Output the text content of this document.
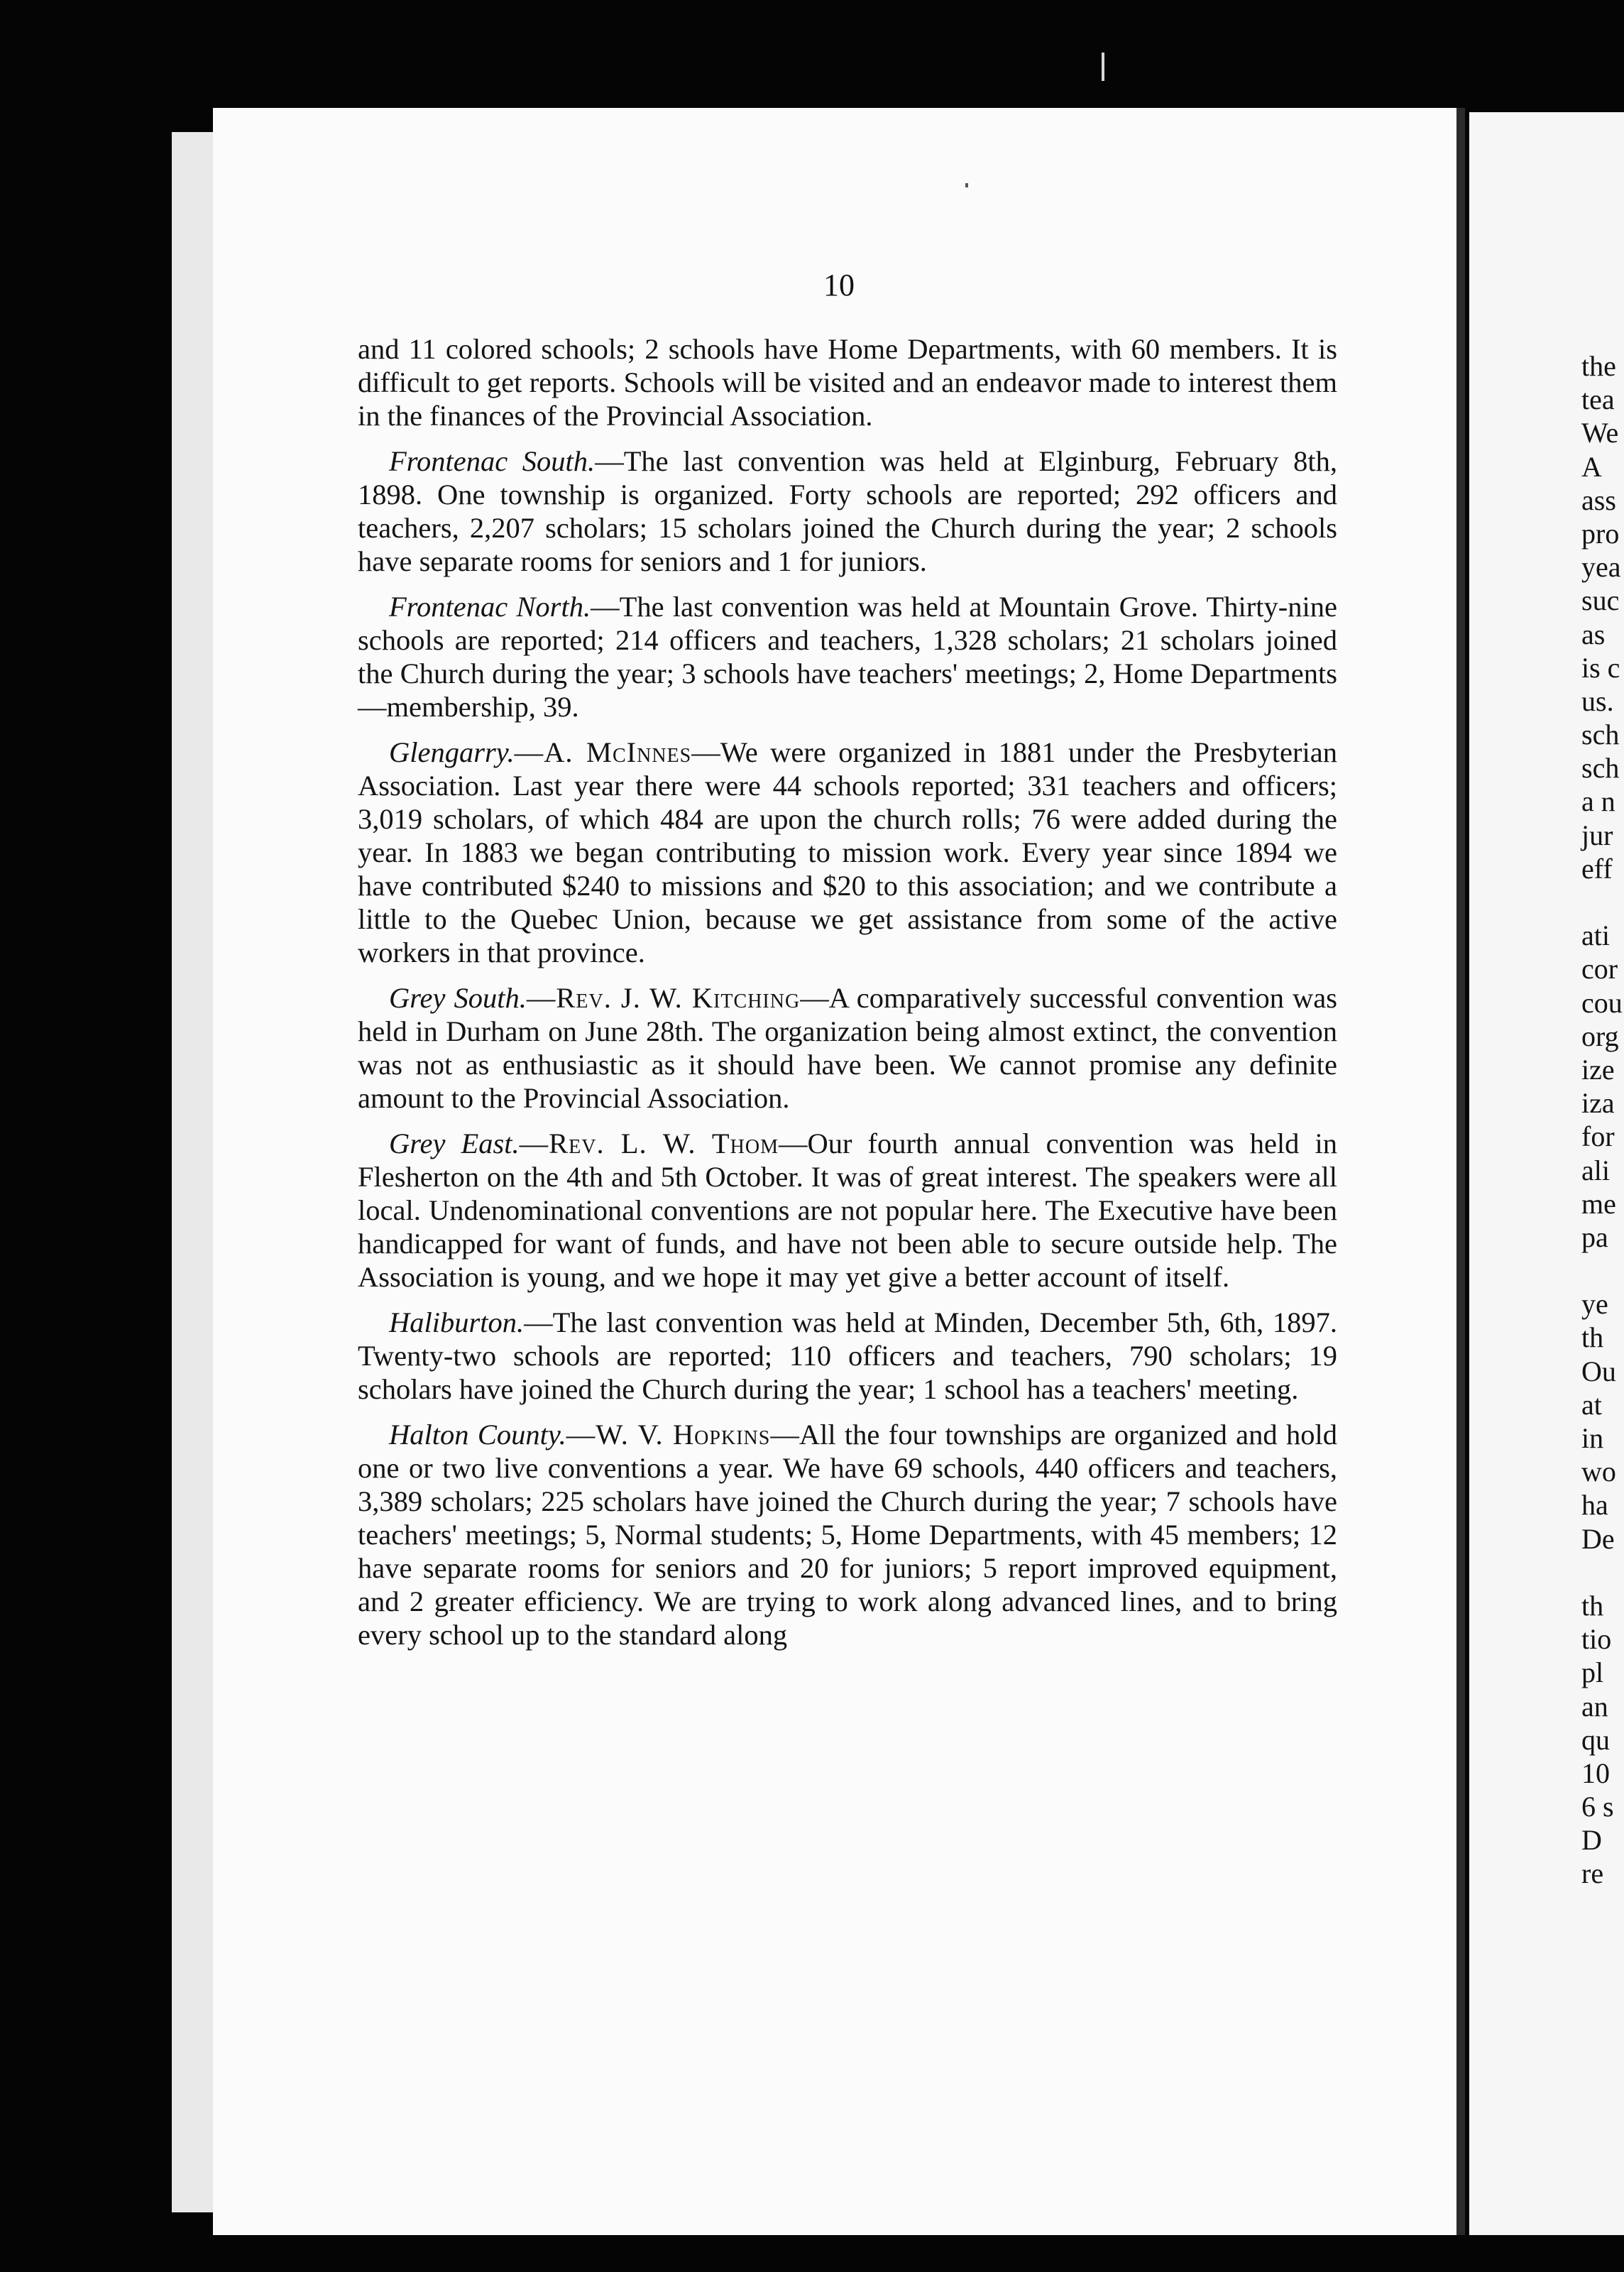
10

and 11 colored schools; 2 schools have Home Departments, with 60 members. It is difficult to get reports. Schools will be visited and an endeavor made to interest them in the finances of the Provincial Association.

Frontenac South.—The last convention was held at Elginburg, February 8th, 1898. One township is organized. Forty schools are reported; 292 officers and teachers, 2,207 scholars; 15 scholars joined the Church during the year; 2 schools have separate rooms for seniors and 1 for juniors.

Frontenac North.—The last convention was held at Mountain Grove. Thirty-nine schools are reported; 214 officers and teachers, 1,328 scholars; 21 scholars joined the Church during the year; 3 schools have teachers' meetings; 2, Home Departments—membership, 39.

Glengarry.—A. McInnes—We were organized in 1881 under the Presbyterian Association. Last year there were 44 schools reported; 331 teachers and officers; 3,019 scholars, of which 484 are upon the church rolls; 76 were added during the year. In 1883 we began contributing to mission work. Every year since 1894 we have contributed $240 to missions and $20 to this association; and we contribute a little to the Quebec Union, because we get assistance from some of the active workers in that province.

Grey South.—Rev. J. W. Kitching—A comparatively successful convention was held in Durham on June 28th. The organization being almost extinct, the convention was not as enthusiastic as it should have been. We cannot promise any definite amount to the Provincial Association.

Grey East.—Rev. L. W. Thom—Our fourth annual convention was held in Flesherton on the 4th and 5th October. It was of great interest. The speakers were all local. Undenominational conventions are not popular here. The Executive have been handicapped for want of funds, and have not been able to secure outside help. The Association is young, and we hope it may yet give a better account of itself.

Haliburton.—The last convention was held at Minden, December 5th, 6th, 1897. Twenty-two schools are reported; 110 officers and teachers, 790 scholars; 19 scholars have joined the Church during the year; 1 school has a teachers' meeting.

Halton County.—W. V. Hopkins—All the four townships are organized and hold one or two live conventions a year. We have 69 schools, 440 officers and teachers, 3,389 scholars; 225 scholars have joined the Church during the year; 7 schools have teachers' meetings; 5, Normal students; 5, Home Departments, with 45 members; 12 have separate rooms for seniors and 20 for juniors; 5 report improved equipment, and 2 greater efficiency. We are trying to work along advanced lines, and to bring every school up to the standard along

the
tea
We
A
ass
pro
yea
suc
as
is c
us.
sch
sch
a n
jur
eff
ati
cor
cou
org
ize
iza
for
ali
me
pa
ye
th
Ou
at
in
wo
ha
De
th
tio
pl
an
qu
10
6 s
D
re
